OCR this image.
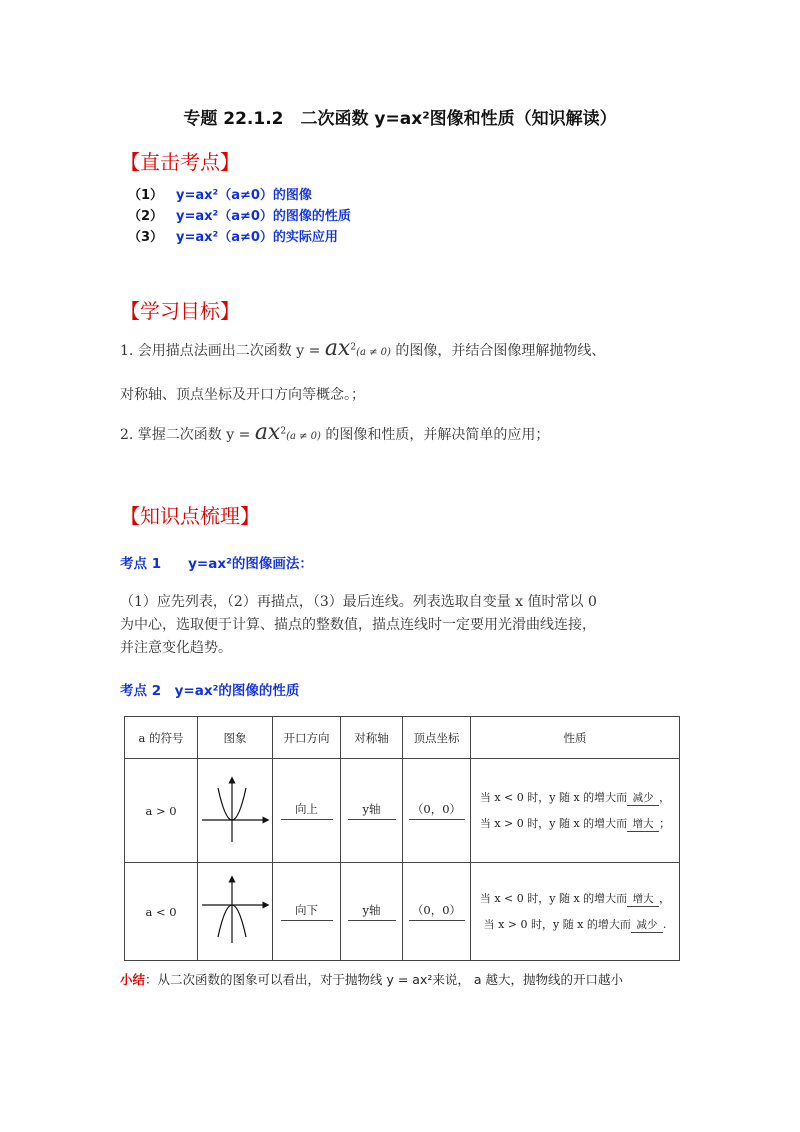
专题 22.1.2　二次函数 y=ax²图像和性质（知识解读）
【直击考点】
（1） y=ax²（a≠0）的图像
（2） y=ax²（a≠0）的图像的性质
（3） y=ax²（a≠0）的实际应用
【学习目标】
1. 会用描点法画出二次函数 $y = ax^2(a \ne 0)$ 的图像，并结合图像理解抛物线、
对称轴、顶点坐标及开口方向等概念。；
2. 掌握二次函数 $y = ax^2(a \ne 0)$ 的图像和性质，并解决简单的应用；
【知识点梳理】
考点 1　　y=ax²的图像画法：
（1）应先列表，（2）再描点，（3）最后连线。列表选取自变量 x 值时常以 0
为中心，选取便于计算、描点的整数值，描点连线时一定要用光滑曲线连接，
并注意变化趋势。
考点 2　y=ax²的图像的性质
a 的符号	图象	开口方向	对称轴	顶点坐标	性质
a > 0		向上	y轴	（0，0）	当 x < 0 时，y 随 x 的增大而 减少 ，
当 x > 0 时，y 随 x 的增大而 增大 ；

a < 0		向下	y轴	（0，0）	当 x < 0 时，y 随 x 的增大而 增大 ，
当 x > 0 时，y 随 x 的增大而 减少 .
小结：从二次函数的图象可以看出，对于抛物线 y = ax²来说， a 越大，抛物线的开口越小
